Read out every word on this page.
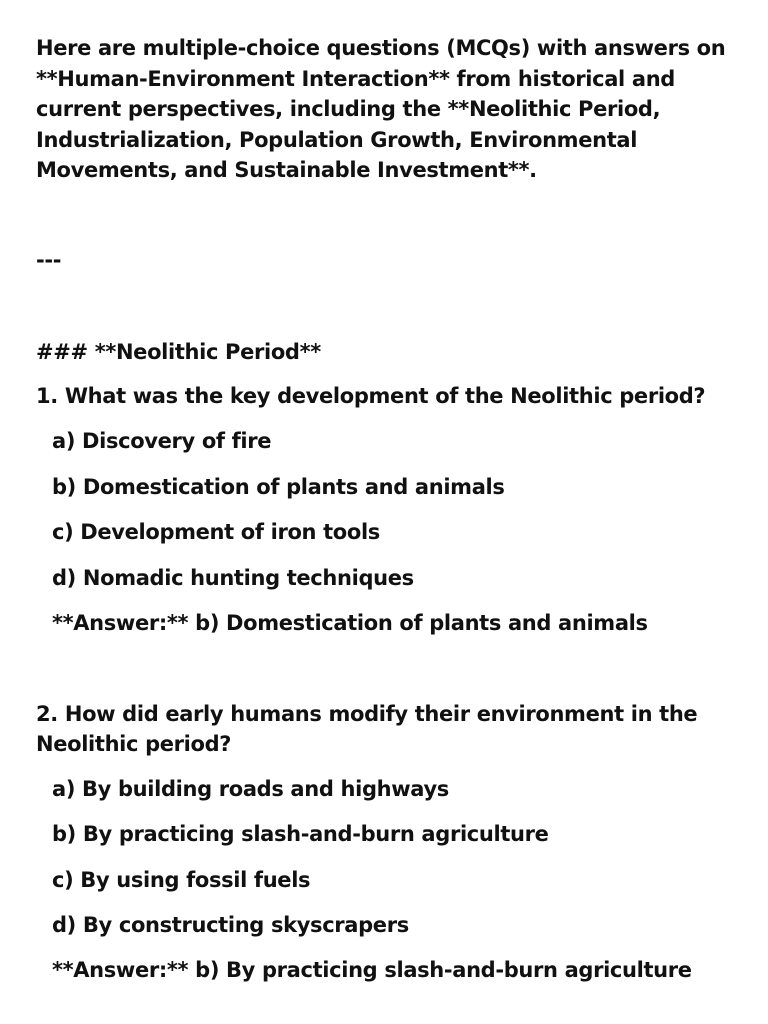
Here are multiple-choice questions (MCQs) with answers on
**Human-Environment Interaction** from historical and
current perspectives, including the **Neolithic Period,
Industrialization, Population Growth, Environmental
Movements, and Sustainable Investment**.
---
### **Neolithic Period**
1. What was the key development of the Neolithic period?
a) Discovery of fire
b) Domestication of plants and animals
c) Development of iron tools
d) Nomadic hunting techniques
**Answer:** b) Domestication of plants and animals
2. How did early humans modify their environment in the
Neolithic period?
a) By building roads and highways
b) By practicing slash-and-burn agriculture
c) By using fossil fuels
d) By constructing skyscrapers
**Answer:** b) By practicing slash-and-burn agriculture
